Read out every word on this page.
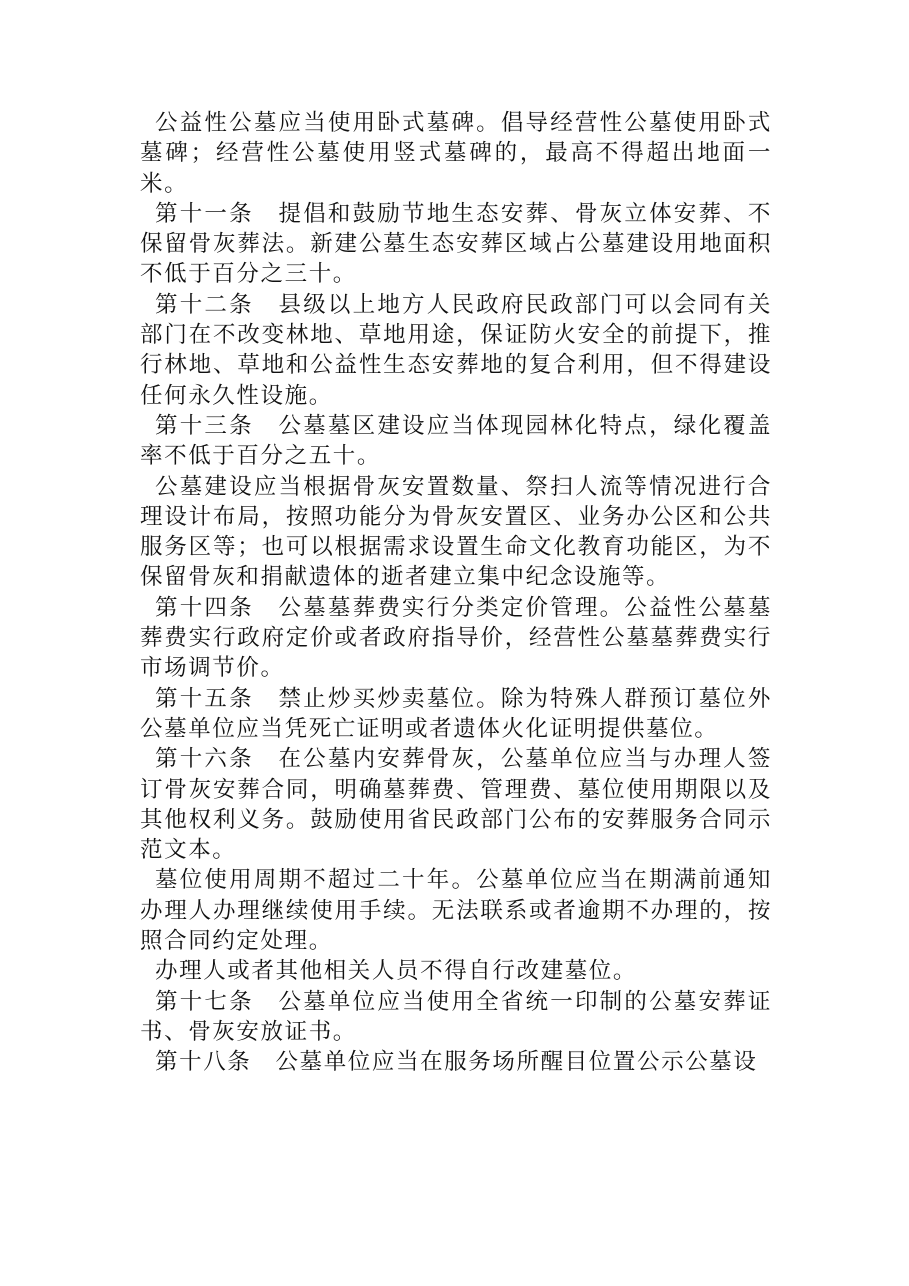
公益性公墓应当使用卧式墓碑。倡导经营性公墓使用卧式墓碑；经营性公墓使用竖式墓碑的，最高不得超出地面一米。

第十一条　提倡和鼓励节地生态安葬、骨灰立体安葬、不保留骨灰葬法。新建公墓生态安葬区域占公墓建设用地面积不低于百分之三十。

第十二条　县级以上地方人民政府民政部门可以会同有关部门在不改变林地、草地用途，保证防火安全的前提下，推行林地、草地和公益性生态安葬地的复合利用，但不得建设任何永久性设施。

第十三条　公墓墓区建设应当体现园林化特点，绿化覆盖率不低于百分之五十。

公墓建设应当根据骨灰安置数量、祭扫人流等情况进行合理设计布局，按照功能分为骨灰安置区、业务办公区和公共服务区等；也可以根据需求设置生命文化教育功能区，为不保留骨灰和捐献遗体的逝者建立集中纪念设施等。

第十四条　公墓墓葬费实行分类定价管理。公益性公墓墓葬费实行政府定价或者政府指导价，经营性公墓墓葬费实行市场调节价。

第十五条　禁止炒买炒卖墓位。除为特殊人群预订墓位外公墓单位应当凭死亡证明或者遗体火化证明提供墓位。

第十六条　在公墓内安葬骨灰，公墓单位应当与办理人签订骨灰安葬合同，明确墓葬费、管理费、墓位使用期限以及其他权利义务。鼓励使用省民政部门公布的安葬服务合同示范文本。

墓位使用周期不超过二十年。公墓单位应当在期满前通知办理人办理继续使用手续。无法联系或者逾期不办理的，按照合同约定处理。

办理人或者其他相关人员不得自行改建墓位。

第十七条　公墓单位应当使用全省统一印制的公墓安葬证书、骨灰安放证书。

第十八条　公墓单位应当在服务场所醒目位置公示公墓设
